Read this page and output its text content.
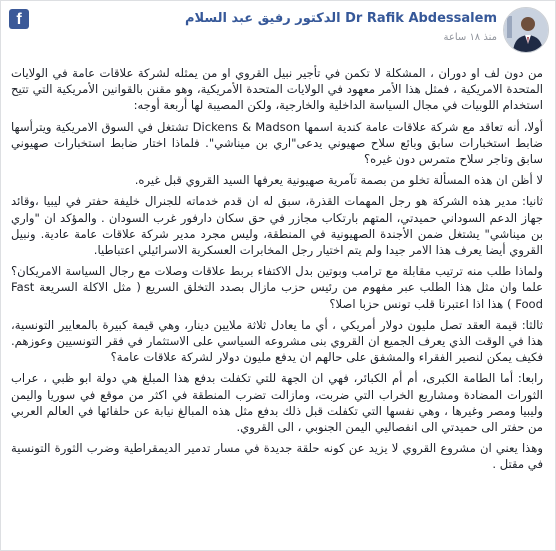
f	Dr Rafik Abdessalem الدكتور رفيق عبد السلام
منذ ١٨ ساعة

من دون لف او دوران ، المشكلة لا تكمن في تأجير نبيل القروي او من يمثله لشركة علاقات عامة في الولايات المتحدة الامريكية ، فمثل هذا الأمر معهود في الولايات المتحدة الأمريكية، وهو مقنن بالقوانين الأمريكية التي تتيح استخدام اللوبيات في مجال السياسة الداخلية والخارجية، ولكن المصيبة لها أربعة أوجه:

أولا، أنه تعاقد مع شركة علاقات عامة كندية اسمها Dickens & Madson تشتغل في السوق الامريكية ويترأسها ضابط استخبارات سابق وبائع سلاح صهيوني يدعى"اري بن ميناشي". فلماذا اختار ضابط استخبارات صهيوني سابق وتاجر سلاح متمرس دون غيره؟

لا أظن ان هذه المسألة تخلو من بصمة تآمرية صهيونية يعرفها السيد القروي قبل غيره.

ثانيا: مدير هذه الشركة هو رجل المهمات القذرة، سبق له ان قدم خدماته للجنرال خليفة حفتر في ليبيا ،وقائد جهاز الدعم السوداني حميدتي، المتهم بارتكاب مجازر في حق سكان دارفور غرب السودان . والمؤكد ان "واري بن ميناشي" يشتغل ضمن الأجندة الصهيونية في المنطقة، وليس مجرد مدير شركة علاقات عامة عادية. ونبيل القروي أيضا يعرف هذا الامر جيدا ولم يتم اختيار رجل المخابرات العسكرية الاسرائيلي اعتباطيا.

ولماذا طلب منه ترتيب مقابلة مع ترامب وبوتين بدل الاكتفاء بربط علاقات وصلات مع رجال السياسة الامريكان؟ علما وان مثل هذا الطلب عبر مفهوم من رئيس حزب مازال بصدد التخلق السريع ( مثل الاكلة السريعة Fast Food ) هذا اذا اعتبرنا قلب تونس حزبا اصلا؟

ثالثا: قيمة العقد تصل مليون دولار أمريكي ، أي ما يعادل ثلاثة ملايين دينار، وهي قيمة كبيرة بالمعايير التونسية، هذا في الوقت الذي يعرف الجميع ان القروي بنى مشروعه السياسي على الاستثمار في فقر التونسيين وعوزهم. فكيف يمكن لنصير الفقراء والمشفق على حالهم ان يدفع مليون دولار لشركة علاقات عامة؟

رابعا: أما الطامة الكبرى، أم أم الكبائر، فهي ان الجهة للتي تكفلت بدفع هذا المبلغ هي دولة ابو ظبي ، عراب الثورات المضادة ومشاريع الخراب التي ضربت، ومازالت تضرب المنطقة في اكثر من موقع في سوريا واليمن وليبيا ومصر وغيرها ، وهي نفسها التي تكفلت قبل ذلك بدفع مثل هذه المبالغ نيابة عن حلفائها في العالم العربي من حفتر الى حميدتي الى انفصاليي اليمن الجنوبي ، الى القروي.

وهذا يعني ان مشروع القروي لا يزيد عن كونه حلقة جديدة في مسار تدمير الديمقراطية وضرب الثورة التونسية في مقتل .
